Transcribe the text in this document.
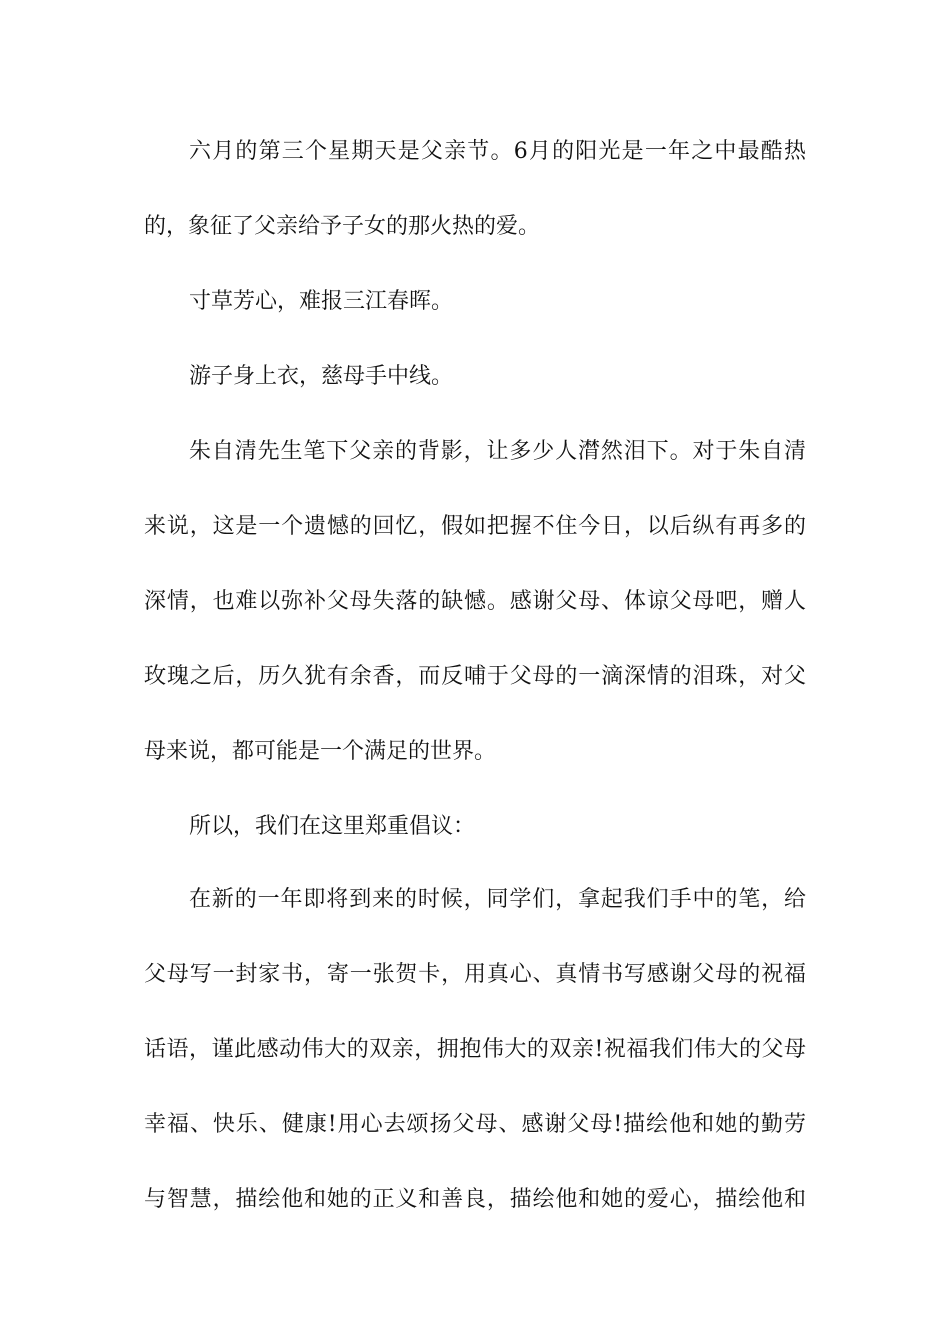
六月的第三个星期天是父亲节。6月的阳光是一年之中最酷热

的，象征了父亲给予子女的那火热的爱。

寸草芳心，难报三江春晖。

游子身上衣，慈母手中线。

朱自清先生笔下父亲的背影，让多少人潸然泪下。对于朱自清

来说，这是一个遗憾的回忆，假如把握不住今日，以后纵有再多的

深情，也难以弥补父母失落的缺憾。感谢父母、体谅父母吧，赠人

玫瑰之后，历久犹有余香，而反哺于父母的一滴深情的泪珠，对父

母来说，都可能是一个满足的世界。

所以，我们在这里郑重倡议：

在新的一年即将到来的时候，同学们，拿起我们手中的笔，给

父母写一封家书，寄一张贺卡，用真心、真情书写感谢父母的祝福

话语，谨此感动伟大的双亲，拥抱伟大的双亲!祝福我们伟大的父母

幸福、快乐、健康!用心去颂扬父母、感谢父母!描绘他和她的勤劳

与智慧，描绘他和她的正义和善良，描绘他和她的爱心，描绘他和
